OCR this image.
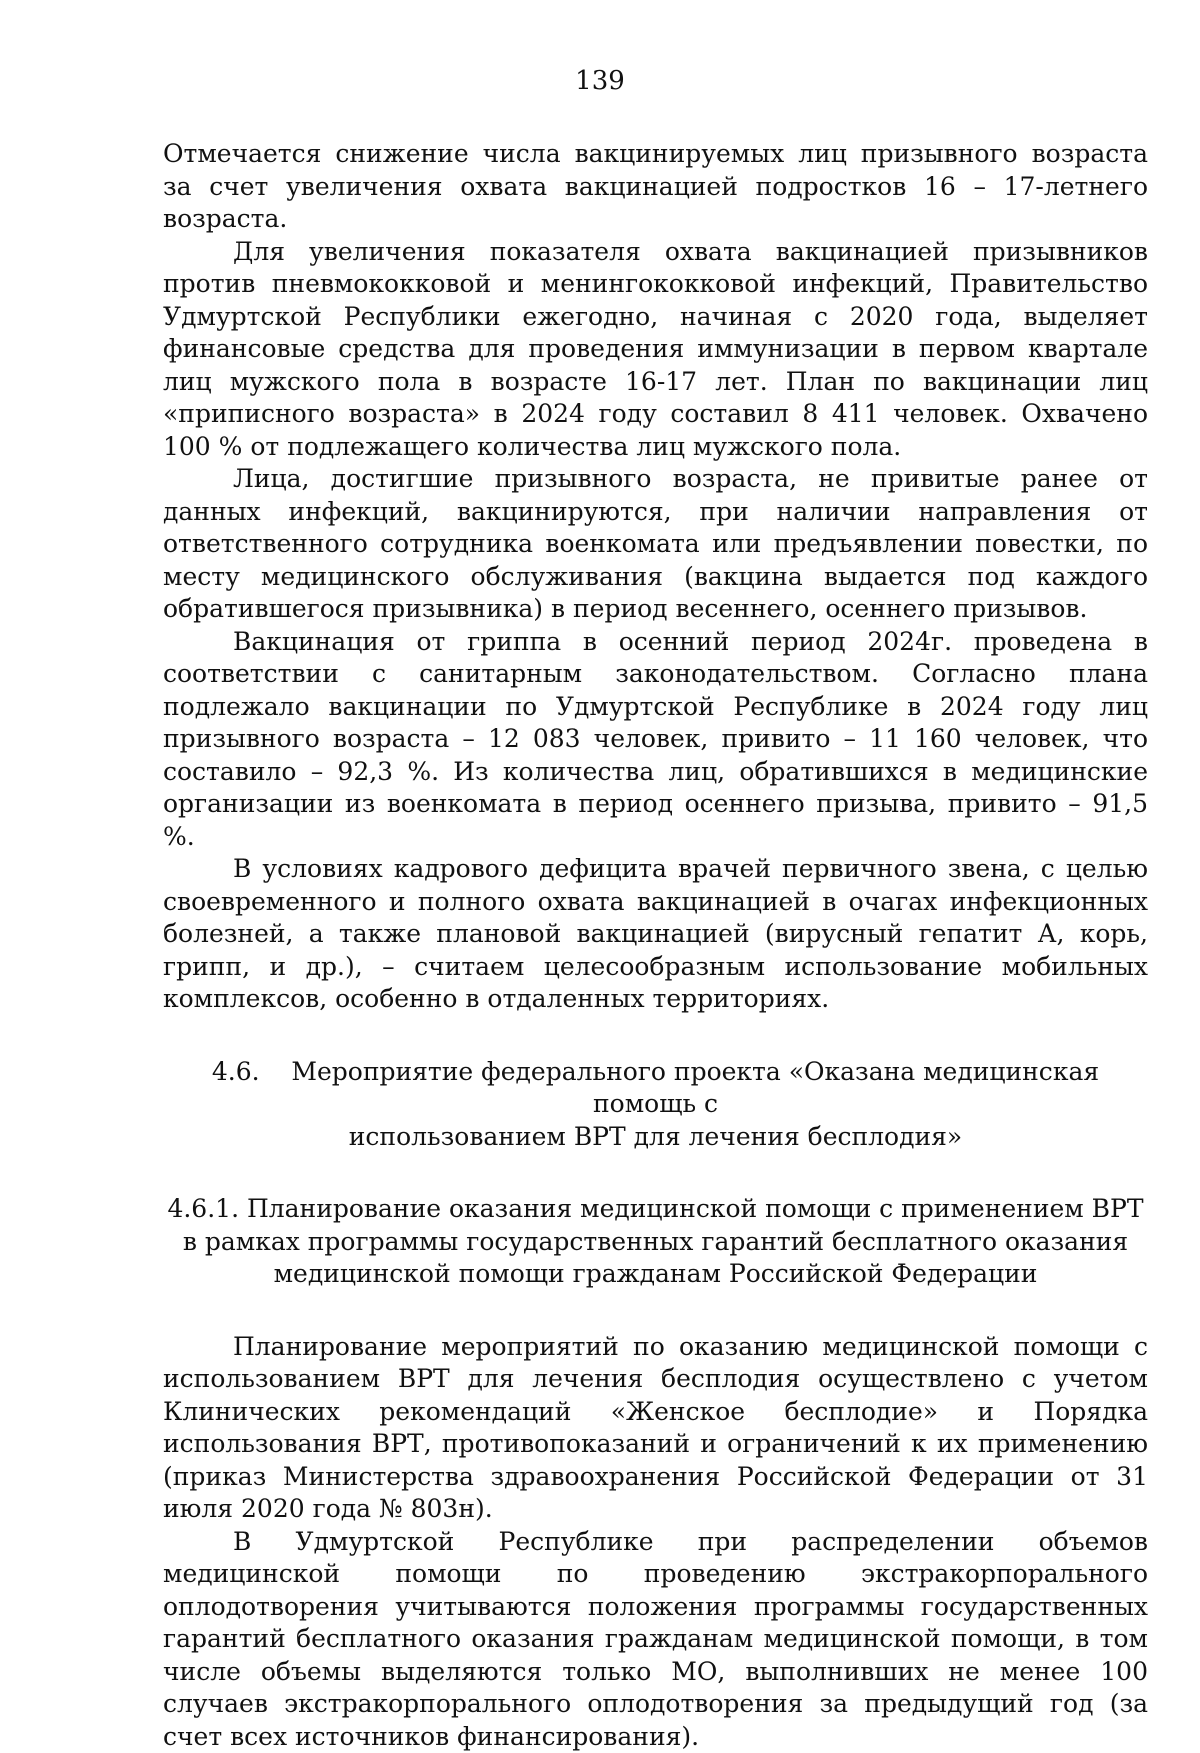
139

Отмечается снижение числа вакцинируемых лиц призывного возраста за счет увеличения охвата вакцинацией подростков 16 – 17-летнего возраста.

Для увеличения показателя охвата вакцинацией призывников против пневмококковой и менингококковой инфекций, Правительство Удмуртской Республики ежегодно, начиная с 2020 года, выделяет финансовые средства для проведения иммунизации в первом квартале лиц мужского пола в возрасте 16-17 лет. План по вакцинации лиц «приписного возраста» в 2024 году составил 8 411 человек. Охвачено 100 % от подлежащего количества лиц мужского пола.

Лица, достигшие призывного возраста, не привитые ранее от данных инфекций, вакцинируются, при наличии направления от ответственного сотрудника военкомата или предъявлении повестки, по месту медицинского обслуживания (вакцина выдается под каждого обратившегося призывника) в период весеннего, осеннего призывов.

Вакцинация от гриппа в осенний период 2024г. проведена в соответствии с санитарным законодательством. Согласно плана подлежало вакцинации по Удмуртской Республике в 2024 году лиц призывного возраста – 12 083 человек, привито – 11 160 человек, что составило – 92,3 %. Из количества лиц, обратившихся в медицинские организации из военкомата в период осеннего призыва, привито – 91,5 %.

В условиях кадрового дефицита врачей первичного звена, с целью своевременного и полного охвата вакцинацией в очагах инфекционных болезней, а также плановой вакцинацией (вирусный гепатит А, корь, грипп, и др.), – считаем целесообразным использование мобильных комплексов, особенно в отдаленных территориях.

4.6. Мероприятие федерального проекта «Оказана медицинская помощь с
использованием ВРТ для лечения бесплодия»
4.6.1. Планирование оказания медицинской помощи с применением ВРТ
в рамках программы государственных гарантий бесплатного оказания
медицинской помощи гражданам Российской Федерации

Планирование мероприятий по оказанию медицинской помощи с использованием ВРТ для лечения бесплодия осуществлено с учетом Клинических рекомендаций «Женское бесплодие» и Порядка использования ВРТ, противопоказаний и ограничений к их применению (приказ Министерства здравоохранения Российской Федерации от 31 июля 2020 года № 803н).

В Удмуртской Республике при распределении объемов медицинской помощи по проведению экстракорпорального оплодотворения учитываются положения программы государственных гарантий бесплатного оказания гражданам медицинской помощи, в том числе объемы выделяются только МО, выполнивших не менее 100 случаев экстракорпорального оплодотворения за предыдущий год (за счет всех источников финансирования).
